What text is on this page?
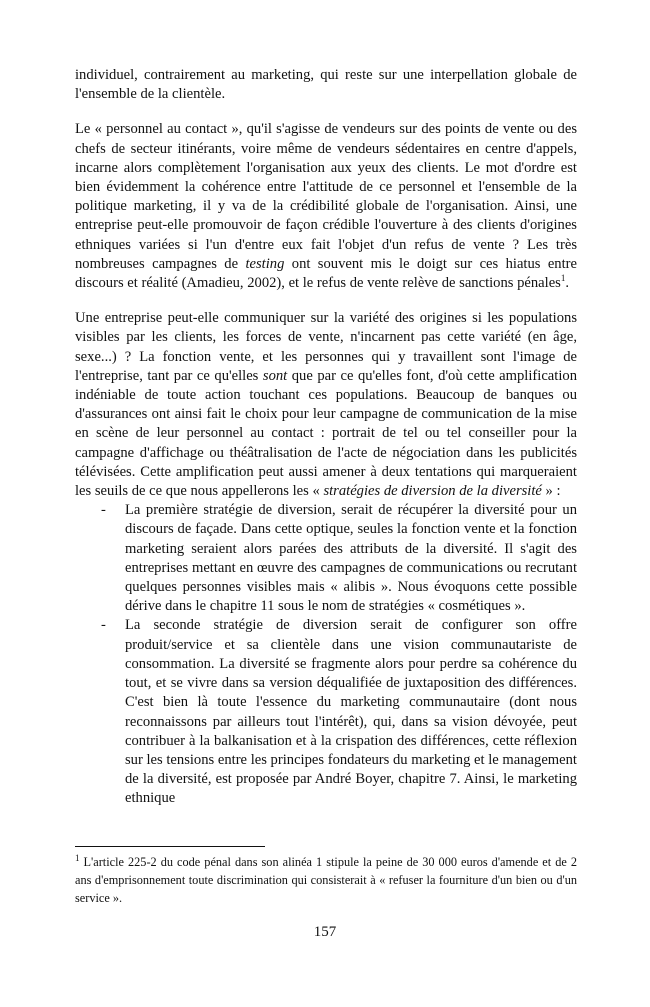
individuel, contrairement au marketing, qui reste sur une interpellation globale de l'ensemble de la clientèle.

Le « personnel au contact », qu'il s'agisse de vendeurs sur des points de vente ou des chefs de secteur itinérants, voire même de vendeurs sédentaires en centre d'appels, incarne alors complètement l'organisation aux yeux des clients. Le mot d'ordre est bien évidemment la cohérence entre l'attitude de ce personnel et l'ensemble de la politique marketing, il y va de la crédibilité globale de l'organisation. Ainsi, une entreprise peut-elle promouvoir de façon crédible l'ouverture à des clients d'origines ethniques variées si l'un d'entre eux fait l'objet d'un refus de vente ? Les très nombreuses campagnes de testing ont souvent mis le doigt sur ces hiatus entre discours et réalité (Amadieu, 2002), et le refus de vente relève de sanctions pénales$^1$.

Une entreprise peut-elle communiquer sur la variété des origines si les populations visibles par les clients, les forces de vente, n'incarnent pas cette variété (en âge, sexe...) ? La fonction vente, et les personnes qui y travaillent sont l'image de l'entreprise, tant par ce qu'elles sont que par ce qu'elles font, d'où cette amplification indéniable de toute action touchant ces populations. Beaucoup de banques ou d'assurances ont ainsi fait le choix pour leur campagne de communication de la mise en scène de leur personnel au contact : portrait de tel ou tel conseiller pour la campagne d'affichage ou théâtralisation de l'acte de négociation dans les publicités télévisées. Cette amplification peut aussi amener à deux tentations qui marqueraient les seuils de ce que nous appellerons les « stratégies de diversion de la diversité » :

- La première stratégie de diversion, serait de récupérer la diversité pour un discours de façade. Dans cette optique, seules la fonction vente et la fonction marketing seraient alors parées des attributs de la diversité. Il s'agit des entreprises mettant en œuvre des campagnes de communications ou recrutant quelques personnes visibles mais « alibis ». Nous évoquons cette possible dérive dans le chapitre 11 sous le nom de stratégies « cosmétiques ».
- La seconde stratégie de diversion serait de configurer son offre produit/service et sa clientèle dans une vision communautariste de consommation. La diversité se fragmente alors pour perdre sa cohérence du tout, et se vivre dans sa version déqualifiée de juxtaposition des différences. C'est bien là toute l'essence du marketing communautaire (dont nous reconnaissons par ailleurs tout l'intérêt), qui, dans sa vision dévoyée, peut contribuer à la balkanisation et à la crispation des différences, cette réflexion sur les tensions entre les principes fondateurs du marketing et le management de la diversité, est proposée par André Boyer, chapitre 7. Ainsi, le marketing ethnique
$^1$ L'article 225-2 du code pénal dans son alinéa 1 stipule la peine de 30 000 euros d'amende et de 2 ans d'emprisonnement toute discrimination qui consisterait à « refuser la fourniture d'un bien ou d'un service ».
157
